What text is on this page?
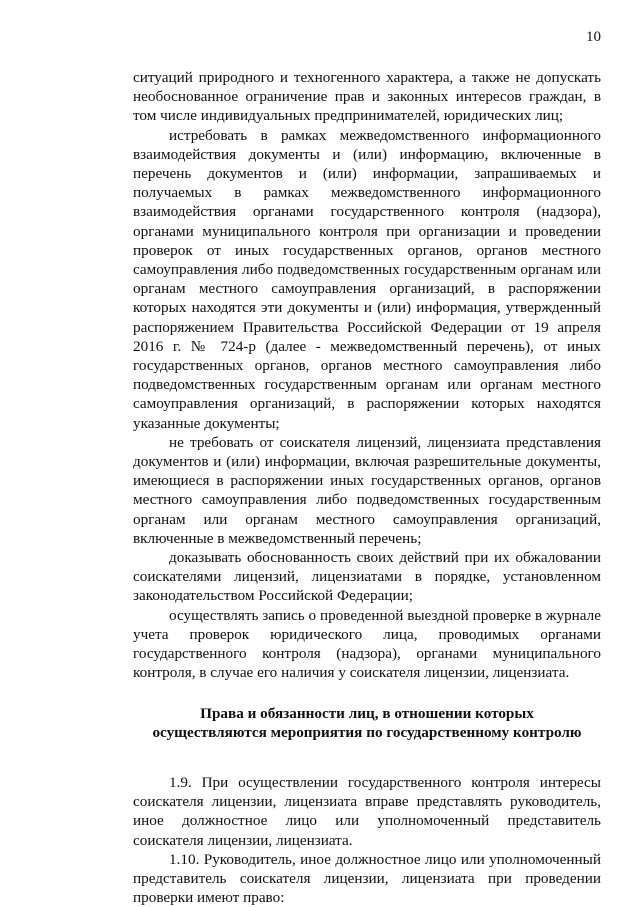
10

ситуаций природного и техногенного характера, а также не допускать необоснованное ограничение прав и законных интересов граждан, в том числе индивидуальных предпринимателей, юридических лиц;

истребовать в рамках межведомственного информационного взаимодействия документы и (или) информацию, включенные в перечень документов и (или) информации, запрашиваемых и получаемых в рамках межведомственного информационного взаимодействия органами государственного контроля (надзора), органами муниципального контроля при организации и проведении проверок от иных государственных органов, органов местного самоуправления либо подведомственных государственным органам или органам местного самоуправления организаций, в распоряжении которых находятся эти документы и (или) информация, утвержденный распоряжением Правительства Российской Федерации от 19 апреля 2016 г. № 724-р (далее - межведомственный перечень), от иных государственных органов, органов местного самоуправления либо подведомственных государственным органам или органам местного самоуправления организаций, в распоряжении которых находятся указанные документы;

не требовать от соискателя лицензий, лицензиата представления документов и (или) информации, включая разрешительные документы, имеющиеся в распоряжении иных государственных органов, органов местного самоуправления либо подведомственных государственным органам или органам местного самоуправления организаций, включенные в межведомственный перечень;

доказывать обоснованность своих действий при их обжаловании соискателями лицензий, лицензиатами в порядке, установленном законодательством Российской Федерации;

осуществлять запись о проведенной выездной проверке в журнале учета проверок юридического лица, проводимых органами государственного контроля (надзора), органами муниципального контроля, в случае его наличия у соискателя лицензии, лицензиата.

Права и обязанности лиц, в отношении которых
осуществляются мероприятия по государственному контролю

1.9. При осуществлении государственного контроля интересы соискателя лицензии, лицензиата вправе представлять руководитель, иное должностное лицо или уполномоченный представитель соискателя лицензии, лицензиата.

1.10. Руководитель, иное должностное лицо или уполномоченный представитель соискателя лицензии, лицензиата при проведении проверки имеют право:
